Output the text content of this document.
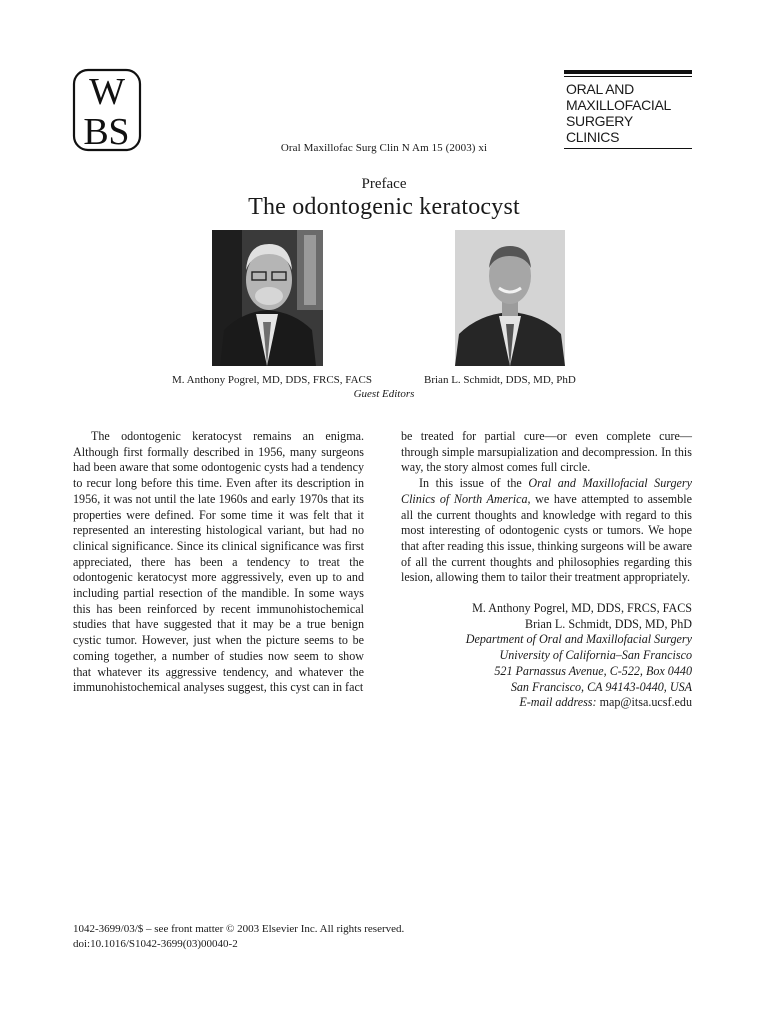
W
B S	Oral Maxillofac Surg Clin N Am 15 (2003) xi
ORAL AND
MAXILLOFACIAL
SURGERY
CLINICS
Preface
The odontogenic keratocyst
M. Anthony Pogrel, MD, DDS, FRCS, FACS	Brian L. Schmidt, DDS, MD, PhD
Guest Editors

The odontogenic keratocyst remains an enigma. Although first formally described in 1956, many surgeons had been aware that some odontogenic cysts had a tendency to recur long before this time. Even after its description in 1956, it was not until the late 1960s and early 1970s that its properties were defined. For some time it was felt that it represented an interesting histological variant, but had no clinical significance. Since its clinical significance was first appreciated, there has been a tendency to treat the odontogenic keratocyst more aggressively, even up to and including partial resection of the mandible. In some ways this has been reinforced by recent immunohistochemical studies that have suggested that it may be a true benign cystic tumor. However, just when the picture seems to be coming together, a number of studies now seem to show that whatever its aggressive tendency, and whatever the immunohistochemical analyses suggest, this cyst can in fact

be treated for partial cure—or even complete cure—through simple marsupialization and decompression. In this way, the story almost comes full circle.

In this issue of the Oral and Maxillofacial Surgery Clinics of North America, we have attempted to assemble all the current thoughts and knowledge with regard to this most interesting of odontogenic cysts or tumors. We hope that after reading this issue, thinking surgeons will be aware of all the current thoughts and philosophies regarding this lesion, allowing them to tailor their treatment appropriately.

M. Anthony Pogrel, MD, DDS, FRCS, FACS
Brian L. Schmidt, DDS, MD, PhD
Department of Oral and Maxillofacial Surgery
University of California–San Francisco
521 Parnassus Avenue, C-522, Box 0440
San Francisco, CA 94143-0440, USA
E-mail address: map@itsa.ucsf.edu
1042-3699/03/$ – see front matter © 2003 Elsevier Inc. All rights reserved.
doi:10.1016/S1042-3699(03)00040-2
